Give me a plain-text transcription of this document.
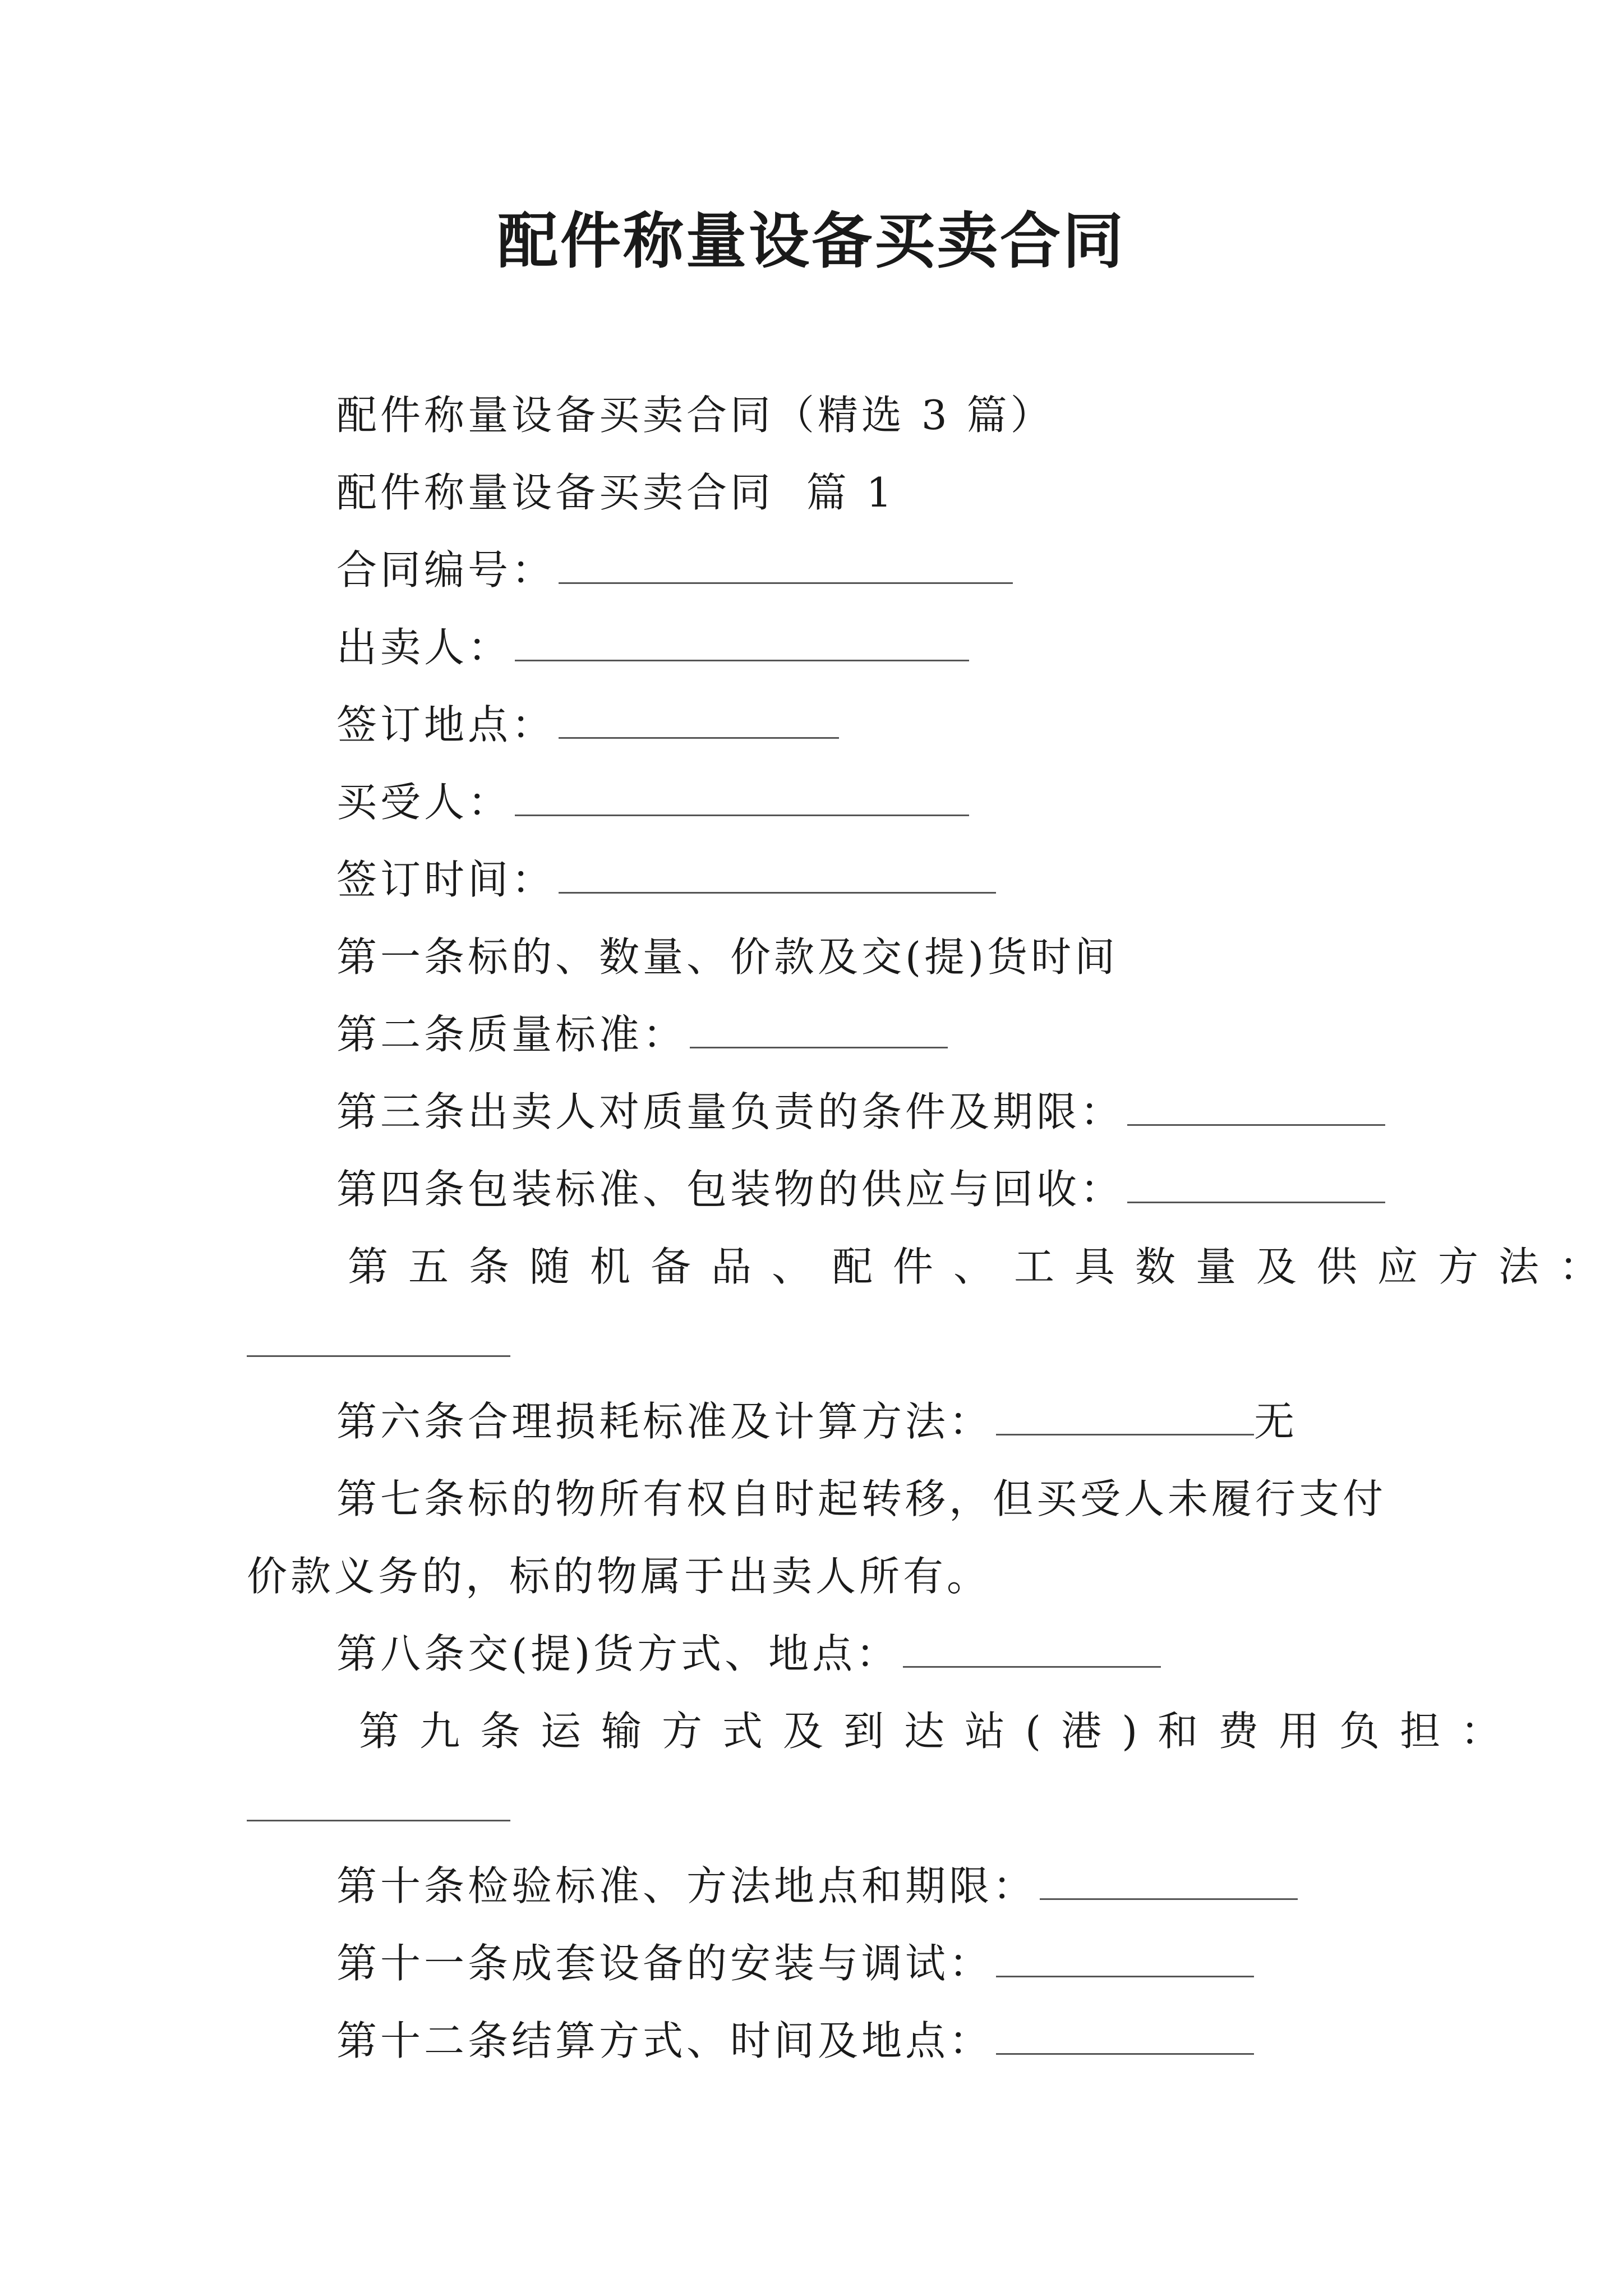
配件称量设备买卖合同
配件称量设备买卖合同（精选 3 篇）
配件称量设备买卖合同  篇 1
合同编号：
出卖人：
签订地点：
买受人：
签订时间：
第一条标的、数量、价款及交(提)货时间
第二条质量标准：
第三条出卖人对质量负责的条件及期限：
第四条包装标准、包装物的供应与回收：
第五条随机备品、配件、工具数量及供应方法：
第六条合理损耗标准及计算方法：	无
第七条标的物所有权自时起转移，但买受人未履行支付
价款义务的，标的物属于出卖人所有。
第八条交(提)货方式、地点：
第九条运输方式及到达站(港)和费用负担：
第十条检验标准、方法地点和期限：
第十一条成套设备的安装与调试：
第十二条结算方式、时间及地点：
